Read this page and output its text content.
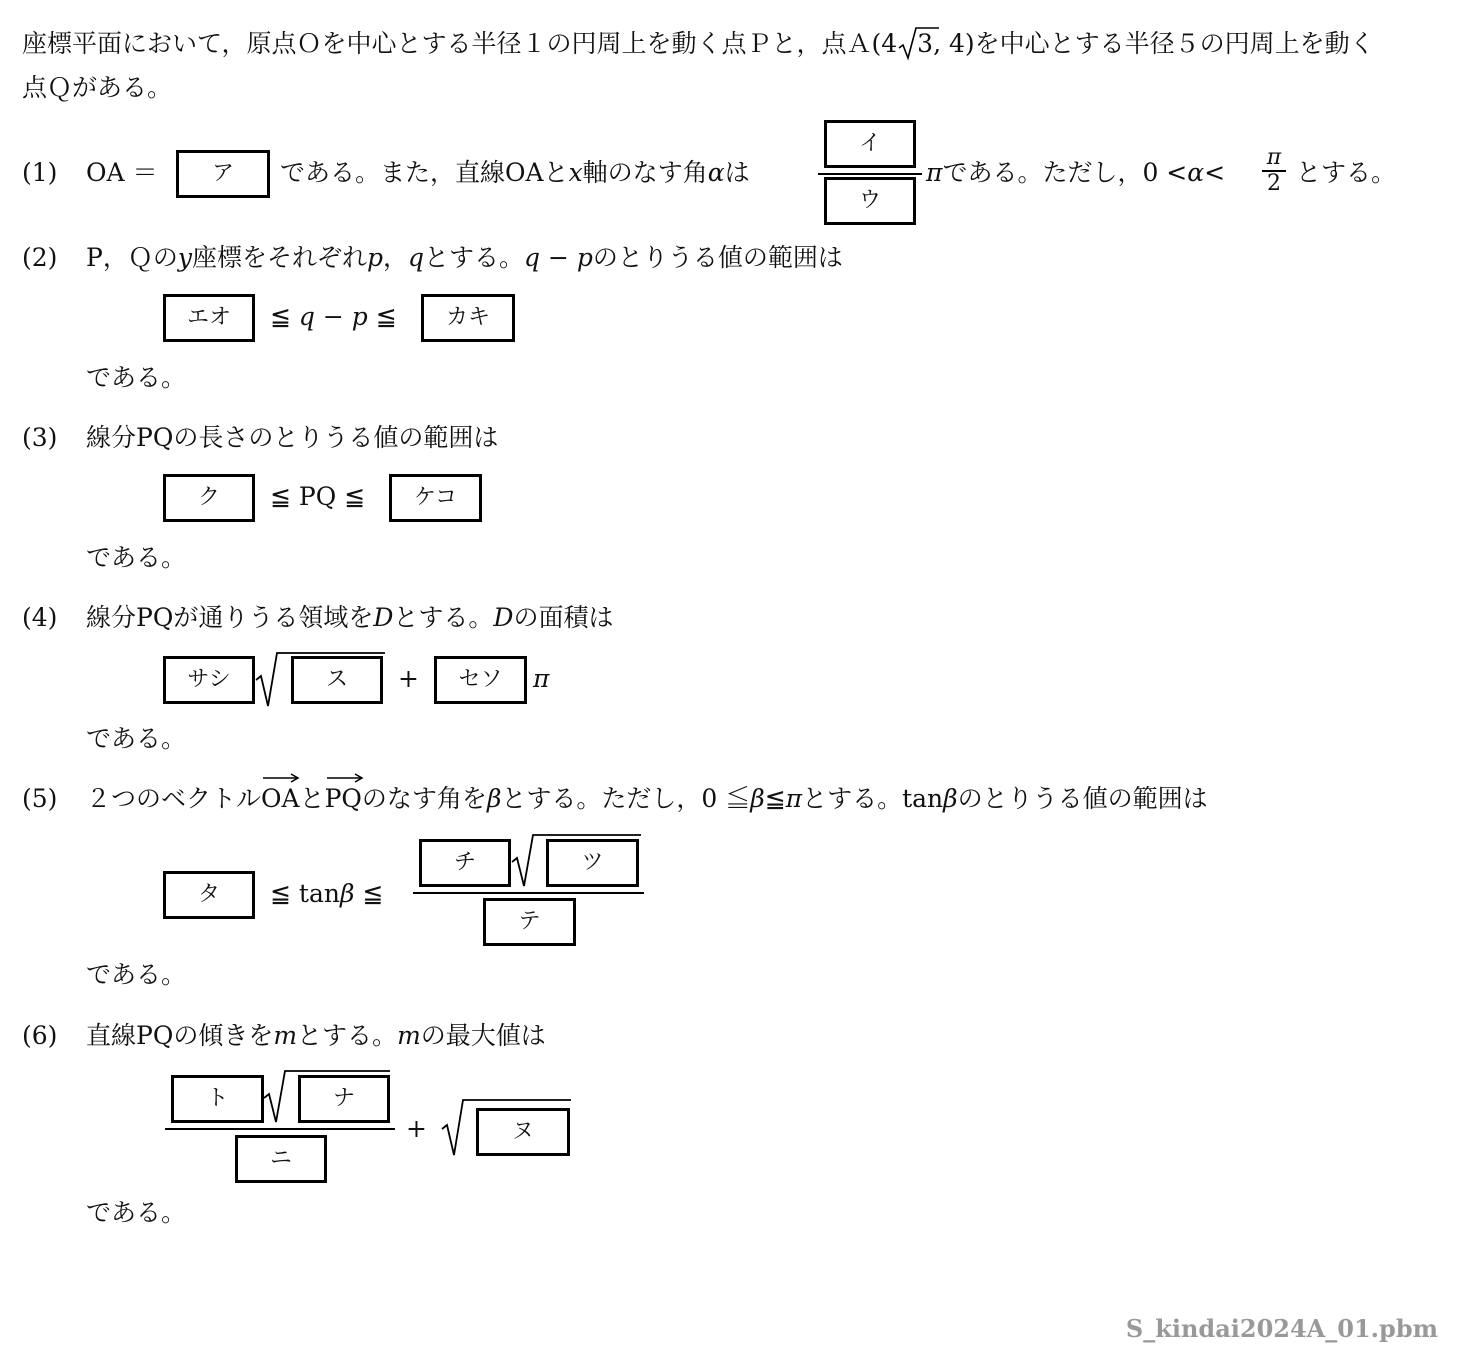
座標平面において，原点Ｏを中心とする半径１の円周上を動く点Ｐと，点Ａ(4 3, 4)を中心とする半径５の円周上を動く
点Ｑがある。
(1) OA ＝	ア	である。また，直線OAとx軸のなす角αは
イ
ウ
πである。ただし，0 <α<
π
2 とする。
(2) P，Ｑのy座標をそれぞれp，qとする。q − pのとりうる値の範囲は
エオ	≦ q − p ≦	カキ
である。
(3) 線分PQの長さのとりうる値の範囲は
ク	≦ PQ ≦	ケコ
である。
(4) 線分PQが通りうる領域をDとする。Dの面積は
サシ	ス	+	セソ	π
である。
(5) ２つのベクトル
OAと
PQのなす角をβとする。ただし，0 ≦β≦πとする。tanβのとりうる値の範囲は
タ	≦ tanβ ≦
チ	ツ
テ
である。
(6) 直線PQの傾きをmとする。mの最大値は
ト	ナ
ニ
+	ヌ
である。
S_kindai2024A_01.pbm
